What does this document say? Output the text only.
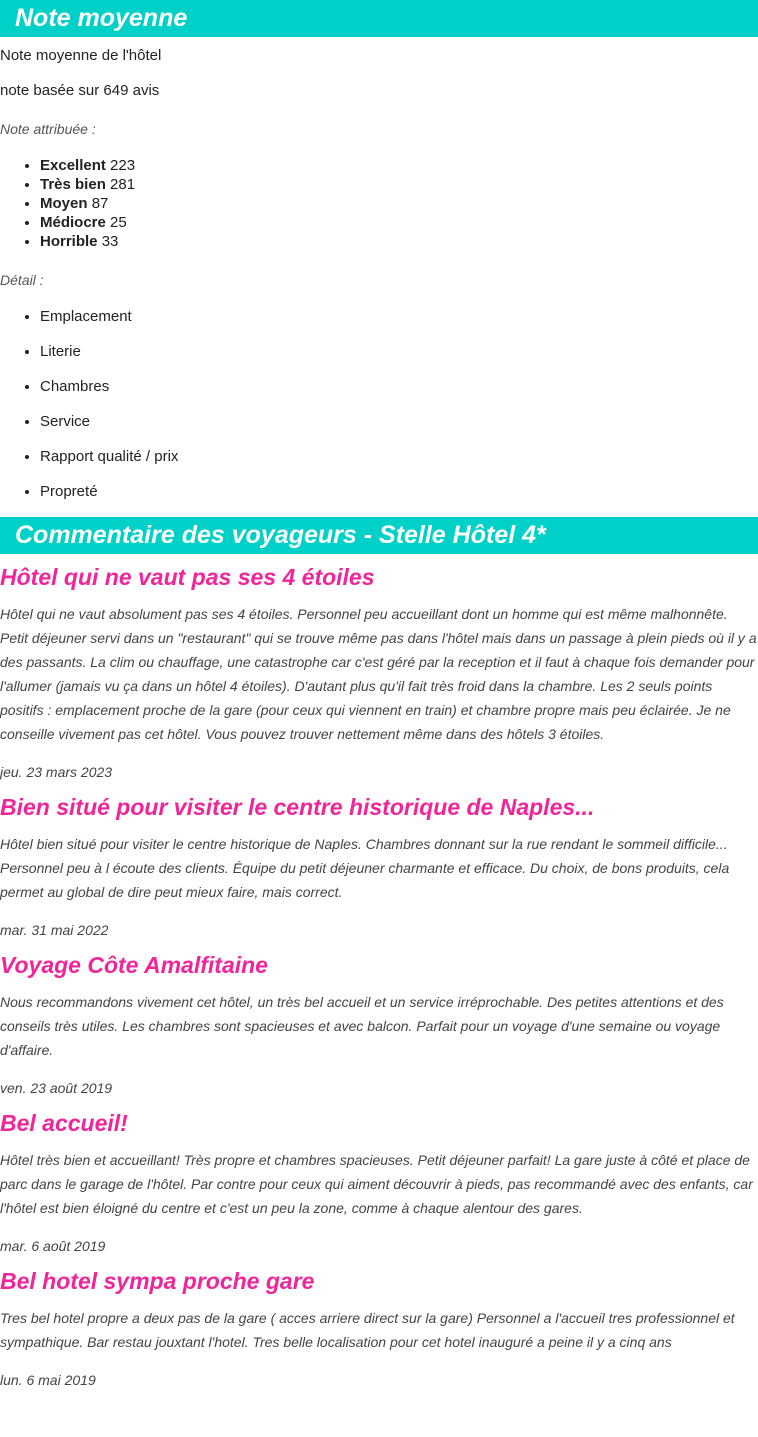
Note moyenne

Note moyenne de l'hôtel

note basée sur 649 avis

Note attribuée :

• Excellent 223
• Très bien 281
• Moyen 87
• Médiocre 25
• Horrible 33

Détail :

• Emplacement
• Literie
• Chambres
• Service
• Rapport qualité / prix
• Propreté
Commentaire des voyageurs - Stelle Hôtel 4*
Hôtel qui ne vaut pas ses 4 étoiles

Hôtel qui ne vaut absolument pas ses 4 étoiles. Personnel peu accueillant dont un homme qui est même malhonnête. Petit déjeuner servi dans un "restaurant" qui se trouve même pas dans l'hôtel mais dans un passage à plein pieds où il y a des passants. La clim ou chauffage, une catastrophe car c'est géré par la reception et il faut à chaque fois demander pour l'allumer (jamais vu ça dans un hôtel 4 étoiles). D'autant plus qu'il fait très froid dans la chambre. Les 2 seuls points positifs : emplacement proche de la gare (pour ceux qui viennent en train) et chambre propre mais peu éclairée. Je ne conseille vivement pas cet hôtel. Vous pouvez trouver nettement même dans des hôtels 3 étoiles.

jeu. 23 mars 2023

Bien situé pour visiter le centre historique de Naples...

Hôtel bien situé pour visiter le centre historique de Naples. Chambres donnant sur la rue rendant le sommeil difficile... Personnel peu à l écoute des clients. Équipe du petit déjeuner charmante et efficace. Du choix, de bons produits, cela permet au global de dire peut mieux faire, mais correct.

mar. 31 mai 2022

Voyage Côte Amalfitaine

Nous recommandons vivement cet hôtel, un très bel accueil et un service irréprochable. Des petites attentions et des conseils très utiles. Les chambres sont spacieuses et avec balcon. Parfait pour un voyage d'une semaine ou voyage d'affaire.

ven. 23 août 2019

Bel accueil!

Hôtel très bien et accueillant! Très propre et chambres spacieuses. Petit déjeuner parfait! La gare juste à côté et place de parc dans le garage de l'hôtel. Par contre pour ceux qui aiment découvrir à pieds, pas recommandé avec des enfants, car l'hôtel est bien éloigné du centre et c'est un peu la zone, comme à chaque alentour des gares.

mar. 6 août 2019

Bel hotel sympa proche gare

Tres bel hotel propre a deux pas de la gare ( acces arriere direct sur la gare) Personnel a l'accueil tres professionnel et sympathique. Bar restau jouxtant l'hotel. Tres belle localisation pour cet hotel inauguré a peine il y a cinq ans

lun. 6 mai 2019
